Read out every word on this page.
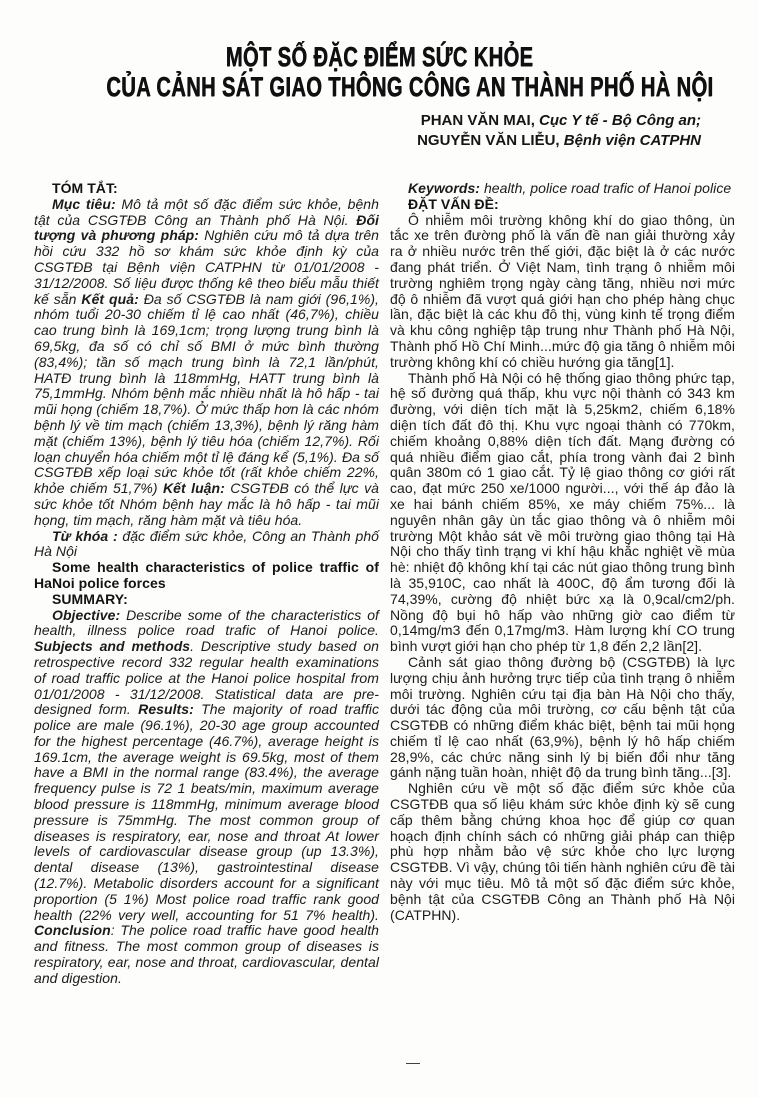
MỘT SỐ ĐẶC ĐIỂM SỨC KHỎE
CỦA CẢNH SÁT GIAO THÔNG CÔNG AN THÀNH PHỐ HÀ NỘI
PHAN VĂN MAI, Cục Y tế - Bộ Công an;
NGUYỄN VĂN LIỄU, Bệnh viện CATPHN
TÓM TẮT:

Mục tiêu: Mô tả một số đặc điểm sức khỏe, bệnh tật của CSGTĐB Công an Thành phố Hà Nội. Đối tượng và phương pháp: Nghiên cứu mô tả dựa trên hồi cứu 332 hồ sơ khám sức khỏe định kỳ của CSGTĐB tại Bệnh viện CATPHN từ 01/01/2008 - 31/12/2008. Số liệu được thống kê theo biểu mẫu thiết kế sẵn Kết quả: Đa số CSGTĐB là nam giới (96,1%), nhóm tuổi 20-30 chiếm tỉ lệ cao nhất (46,7%), chiều cao trung bình là 169,1cm; trọng lượng trung bình là 69,5kg, đa số có chỉ số BMI ở mức bình thường (83,4%); tần số mạch trung bình là 72,1 lần/phút, HATĐ trung bình là 118mmHg, HATT trung bình là 75,1mmHg. Nhóm bệnh mắc nhiều nhất là hô hấp - tai mũi họng (chiếm 18,7%). Ở mức thấp hơn là các nhóm bệnh lý về tim mạch (chiếm 13,3%), bệnh lý răng hàm mặt (chiếm 13%), bệnh lý tiêu hóa (chiếm 12,7%). Rối loạn chuyển hóa chiếm một tỉ lệ đáng kể (5,1%). Đa số CSGTĐB xếp loại sức khỏe tốt (rất khỏe chiếm 22%, khỏe chiếm 51,7%) Kết luận: CSGTĐB có thể lực và sức khỏe tốt Nhóm bệnh hay mắc là hô hấp - tai mũi họng, tim mạch, răng hàm mặt và tiêu hóa.

Từ khóa : đặc điểm sức khỏe, Công an Thành phố Hà Nội

Some health characteristics of police traffic of HaNoi police forces

SUMMARY:

Objective: Describe some of the characteristics of health, illness police road trafic of Hanoi police. Subjects and methods. Descriptive study based on retrospective record 332 regular health examinations of road traffic police at the Hanoi police hospital from 01/01/2008 - 31/12/2008. Statistical data are pre-designed form. Results: The majority of road traffic police are male (96.1%), 20-30 age group accounted for the highest percentage (46.7%), average height is 169.1cm, the average weight is 69.5kg, most of them have a BMI in the normal range (83.4%), the average frequency pulse is 72 1 beats/min, maximum average blood pressure is 118mmHg, minimum average blood pressure is 75mmHg. The most common group of diseases is respiratory, ear, nose and throat At lower levels of cardiovascular disease group (up 13.3%), dental disease (13%), gastrointestinal disease (12.7%). Metabolic disorders account for a significant proportion (5 1%) Most police road traffic rank good health (22% very well, accounting for 51 7% health). Conclusion: The police road traffic have good health and fitness. The most common group of diseases is respiratory, ear, nose and throat, cardiovascular, dental and digestion.

Keywords: health, police road trafic of Hanoi police

ĐẶT VẤN ĐỀ:

Ô nhiễm môi trường không khí do giao thông, ùn tắc xe trên đường phố là vấn đề nan giải thường xảy ra ở nhiều nước trên thế giới, đặc biệt là ở các nước đang phát triển. Ở Việt Nam, tình trạng ô nhiễm môi trường nghiêm trọng ngày càng tăng, nhiều nơi mức độ ô nhiễm đã vượt quá giới hạn cho phép hàng chục lần, đặc biệt là các khu đô thị, vùng kinh tế trọng điểm và khu công nghiệp tập trung như Thành phố Hà Nội, Thành phố Hồ Chí Minh...mức độ gia tăng ô nhiễm môi trường không khí có chiều hướng gia tăng[1].

Thành phố Hà Nội có hệ thống giao thông phức tạp, hệ số đường quá thấp, khu vực nội thành có 343 km đường, với diện tích mặt là 5,25km2, chiếm 6,18% diện tích đất đô thị. Khu vực ngoại thành có 770km, chiếm khoảng 0,88% diện tích đất. Mạng đường có quá nhiều điểm giao cắt, phía trong vành đai 2 bình quân 380m có 1 giao cắt. Tỷ lệ giao thông cơ giới rất cao, đạt mức 250 xe/1000 người..., với thế áp đảo là xe hai bánh chiếm 85%, xe máy chiếm 75%... là nguyên nhân gây ùn tắc giao thông và ô nhiễm môi trường Một khảo sát về môi trường giao thông tại Hà Nội cho thấy tình trạng vi khí hậu khắc nghiệt về mùa hè: nhiệt độ không khí tại các nút giao thông trung bình là 35,910C, cao nhất là 400C, độ ẩm tương đối là 74,39%, cường độ nhiệt bức xạ là 0,9cal/cm2/ph. Nồng độ bụi hô hấp vào những giờ cao điểm từ 0,14mg/m3 đến 0,17mg/m3. Hàm lượng khí CO trung bình vượt giới hạn cho phép từ 1,8 đến 2,2 lần[2].

Cảnh sát giao thông đường bộ (CSGTĐB) là lực lượng chịu ảnh hưởng trực tiếp của tình trạng ô nhiễm môi trường. Nghiên cứu tại địa bàn Hà Nội cho thấy, dưới tác động của môi trường, cơ cấu bệnh tật của CSGTĐB có những điểm khác biệt, bệnh tai mũi họng chiếm tỉ lệ cao nhất (63,9%), bệnh lý hô hấp chiếm 28,9%, các chức năng sinh lý bị biến đổi như tăng gánh nặng tuần hoàn, nhiệt độ da trung bình tăng...[3].

Nghiên cứu về một số đặc điểm sức khỏe của CSGTĐB qua số liệu khám sức khỏe định kỳ sẽ cung cấp thêm bằng chứng khoa học để giúp cơ quan hoạch định chính sách có những giải pháp can thiệp phù hợp nhằm bảo vệ sức khỏe cho lực lượng CSGTĐB. Vì vậy, chúng tôi tiến hành nghiên cứu đề tài này với mục tiêu. Mô tả một số đặc điểm sức khỏe, bệnh tật của CSGTĐB Công an Thành phố Hà Nội (CATPHN).

—
